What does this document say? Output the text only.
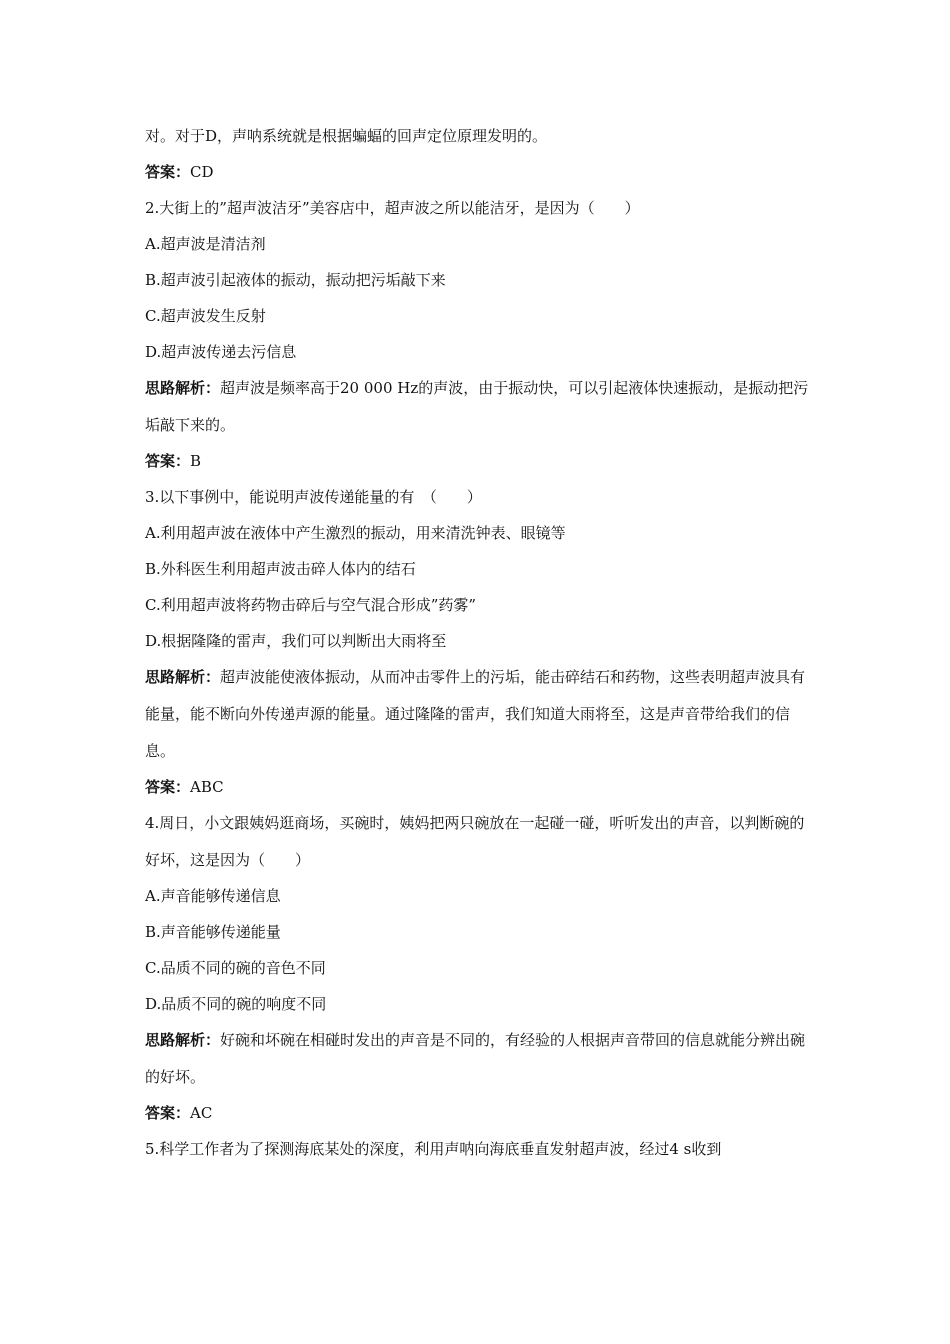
对。对于D，声呐系统就是根据蝙蝠的回声定位原理发明的。
答案：CD
2.大街上的”超声波洁牙”美容店中，超声波之所以能洁牙，是因为（　　）
A.超声波是清洁剂
B.超声波引起液体的振动，振动把污垢敲下来
C.超声波发生反射
D.超声波传递去污信息
思路解析：超声波是频率高于20 000 Hz的声波，由于振动快，可以引起液体快速振动，是振动把污垢敲下来的。
答案：B
3.以下事例中，能说明声波传递能量的有　（　　）
A.利用超声波在液体中产生激烈的振动，用来清洗钟表、眼镜等
B.外科医生利用超声波击碎人体内的结石
C.利用超声波将药物击碎后与空气混合形成”药雾”
D.根据隆隆的雷声，我们可以判断出大雨将至
思路解析：超声波能使液体振动，从而冲击零件上的污垢，能击碎结石和药物，这些表明超声波具有能量，能不断向外传递声源的能量。通过隆隆的雷声，我们知道大雨将至，这是声音带给我们的信息。
答案：ABC
4.周日，小文跟姨妈逛商场，买碗时，姨妈把两只碗放在一起碰一碰，听听发出的声音，以判断碗的好坏，这是因为（　　）
A.声音能够传递信息
B.声音能够传递能量
C.品质不同的碗的音色不同
D.品质不同的碗的响度不同
思路解析：好碗和坏碗在相碰时发出的声音是不同的，有经验的人根据声音带回的信息就能分辨出碗的好坏。
答案：AC
5.科学工作者为了探测海底某处的深度，利用声呐向海底垂直发射超声波，经过4 s收到
